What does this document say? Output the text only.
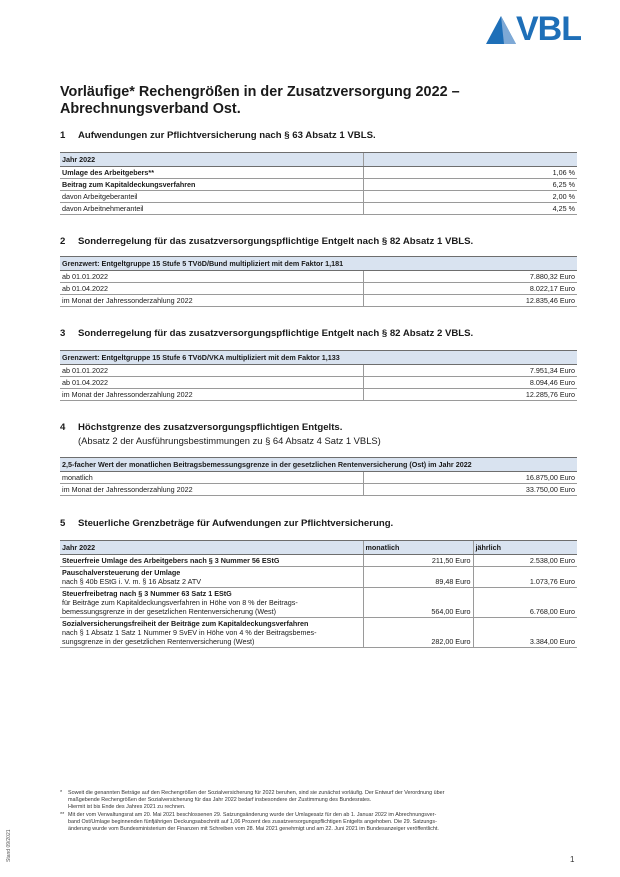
VBL
Vorläufige* Rechengrößen in der Zusatzversorgung 2022 – Abrechnungsverband Ost.
1 Aufwendungen zur Pflichtversicherung nach § 63 Absatz 1 VBLS.
Jahr 2022	
Umlage des Arbeitgebers**	1,06 %
Beitrag zum Kapitaldeckungsverfahren	6,25 %
davon Arbeitgeberanteil	2,00 %
davon Arbeitnehmeranteil	4,25 %
2 Sonderregelung für das zusatzversorgungspflichtige Entgelt nach § 82 Absatz 1 VBLS.
Grenzwert: Entgeltgruppe 15 Stufe 5 TVöD/Bund multipliziert mit dem Faktor 1,181	
ab 01.01.2022	7.880,32 Euro
ab 01.04.2022	8.022,17 Euro
im Monat der Jahressonderzahlung 2022	12.835,46 Euro
3 Sonderregelung für das zusatzversorgungspflichtige Entgelt nach § 82 Absatz 2 VBLS.
Grenzwert: Entgeltgruppe 15 Stufe 6 TVöD/VKA multipliziert mit dem Faktor 1,133	
ab 01.01.2022	7.951,34 Euro
ab 01.04.2022	8.094,46 Euro
im Monat der Jahressonderzahlung 2022	12.285,76 Euro
4 Höchstgrenze des zusatzversorgungspflichtigen Entgelts.
(Absatz 2 der Ausführungsbestimmungen zu § 64 Absatz 4 Satz 1 VBLS)
2,5-facher Wert der monatlichen Beitragsbemessungsgrenze in der gesetzlichen Rentenversicherung (Ost) im Jahr 2022	
monatlich	16.875,00 Euro
im Monat der Jahressonderzahlung 2022	33.750,00 Euro
5 Steuerliche Grenzbeträge für Aufwendungen zur Pflichtversicherung.
Jahr 2022	monatlich	jährlich

Steuerfreie Umlage des Arbeitgebers nach § 3 Nummer 56 EStG	211,50 Euro	2.538,00 Euro

Pauschalversteuerung der Umlage
nach § 40b EStG i. V. m. § 16 Absatz 2 ATV	89,48 Euro	1.073,76 Euro

Steuerfreibetrag nach § 3 Nummer 63 Satz 1 EStG
für Beiträge zum Kapitaldeckungsverfahren in Höhe von 8 % der Beitrags-
bemessungsgrenze in der gesetzlichen Rentenversicherung (West)	564,00 Euro	6.768,00 Euro

Sozialversicherungsfreiheit der Beiträge zum Kapitaldeckungsverfahren
nach § 1 Absatz 1 Satz 1 Nummer 9 SvEV in Höhe von 4 % der Beitragsbemes-
sungsgrenze in der gesetzlichen Rentenversicherung (West)	282,00 Euro	3.384,00 Euro
* Soweit die genannten Beträge auf den Rechengrößen der Sozialversicherung für 2022 beruhen, sind sie zunächst vorläufig. Der Entwurf der Verordnung über
maßgebende Rechengrößen der Sozialversicherung für das Jahr 2022 bedarf insbesondere der Zustimmung des Bundesrates.
Hiermit ist bis Ende des Jahres 2021 zu rechnen.
** Mit der vom Verwaltungsrat am 20. Mai 2021 beschlossenen 29. Satzungsänderung wurde der Umlagesatz für den ab 1. Januar 2022 im Abrechnungsver-
band Ost/Umlage beginnenden fünfjährigen Deckungsabschnitt auf 1,06 Prozent des zusatzversorgungspflichtigen Entgelts angehoben. Die 29. Satzungs-
änderung wurde vom Bundesministerium der Finanzen mit Schreiben vom 28. Mai 2021 genehmigt und am 22. Juni 2021 im Bundesanzeiger veröffentlicht.
Stand 09/2021	1
